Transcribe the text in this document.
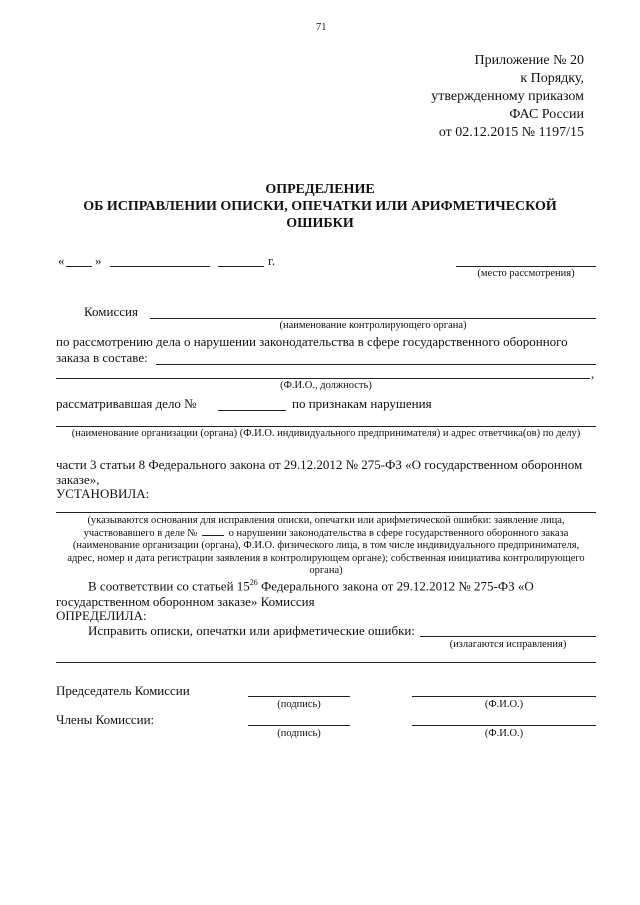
71
Приложение № 20
к Порядку,
утвержденному приказом
ФАС России
от 02.12.2015 № 1197/15
ОПРЕДЕЛЕНИЕ
ОБ ИСПРАВЛЕНИИ ОПИСКИ, ОПЕЧАТКИ ИЛИ АРИФМЕТИЧЕСКОЙ
ОШИБКИ
« »	г.
(место рассмотрения)
Комиссия
(наименование контролирующего органа)
по рассмотрению дела о нарушении законодательства в сфере государственного оборонного
заказа в составе:
,
(Ф.И.О., должность)
рассматривавшая дело №	по признакам нарушения
(наименование организации (органа) (Ф.И.О. индивидуального предпринимателя) и адрес ответчика(ов) по делу)
части 3 статьи 8 Федерального закона от 29.12.2012 № 275-ФЗ «О государственном оборонном
заказе»,
УСТАНОВИЛА:
(указываются основания для исправления описки, опечатки или арифметической ошибки: заявление лица,
участвовавшего в деле №	о нарушении законодательства в сфере государственного оборонного заказа
(наименование организации (органа), Ф.И.О. физического лица, в том числе индивидуального предпринимателя,
адрес, номер и дата регистрации заявления в контролирующем органе); собственная инициатива контролирующего
органа)
В соответствии со статьей $15^{26}$ Федерального закона от 29.12.2012 № 275-ФЗ «О
государственном оборонном заказе» Комиссия
ОПРЕДЕЛИЛА:
Исправить описки, опечатки или арифметические ошибки:
(излагаются исправления)
Председатель Комиссии
(подпись)	(Ф.И.О.)
Члены Комиссии:
(подпись)	(Ф.И.О.)
